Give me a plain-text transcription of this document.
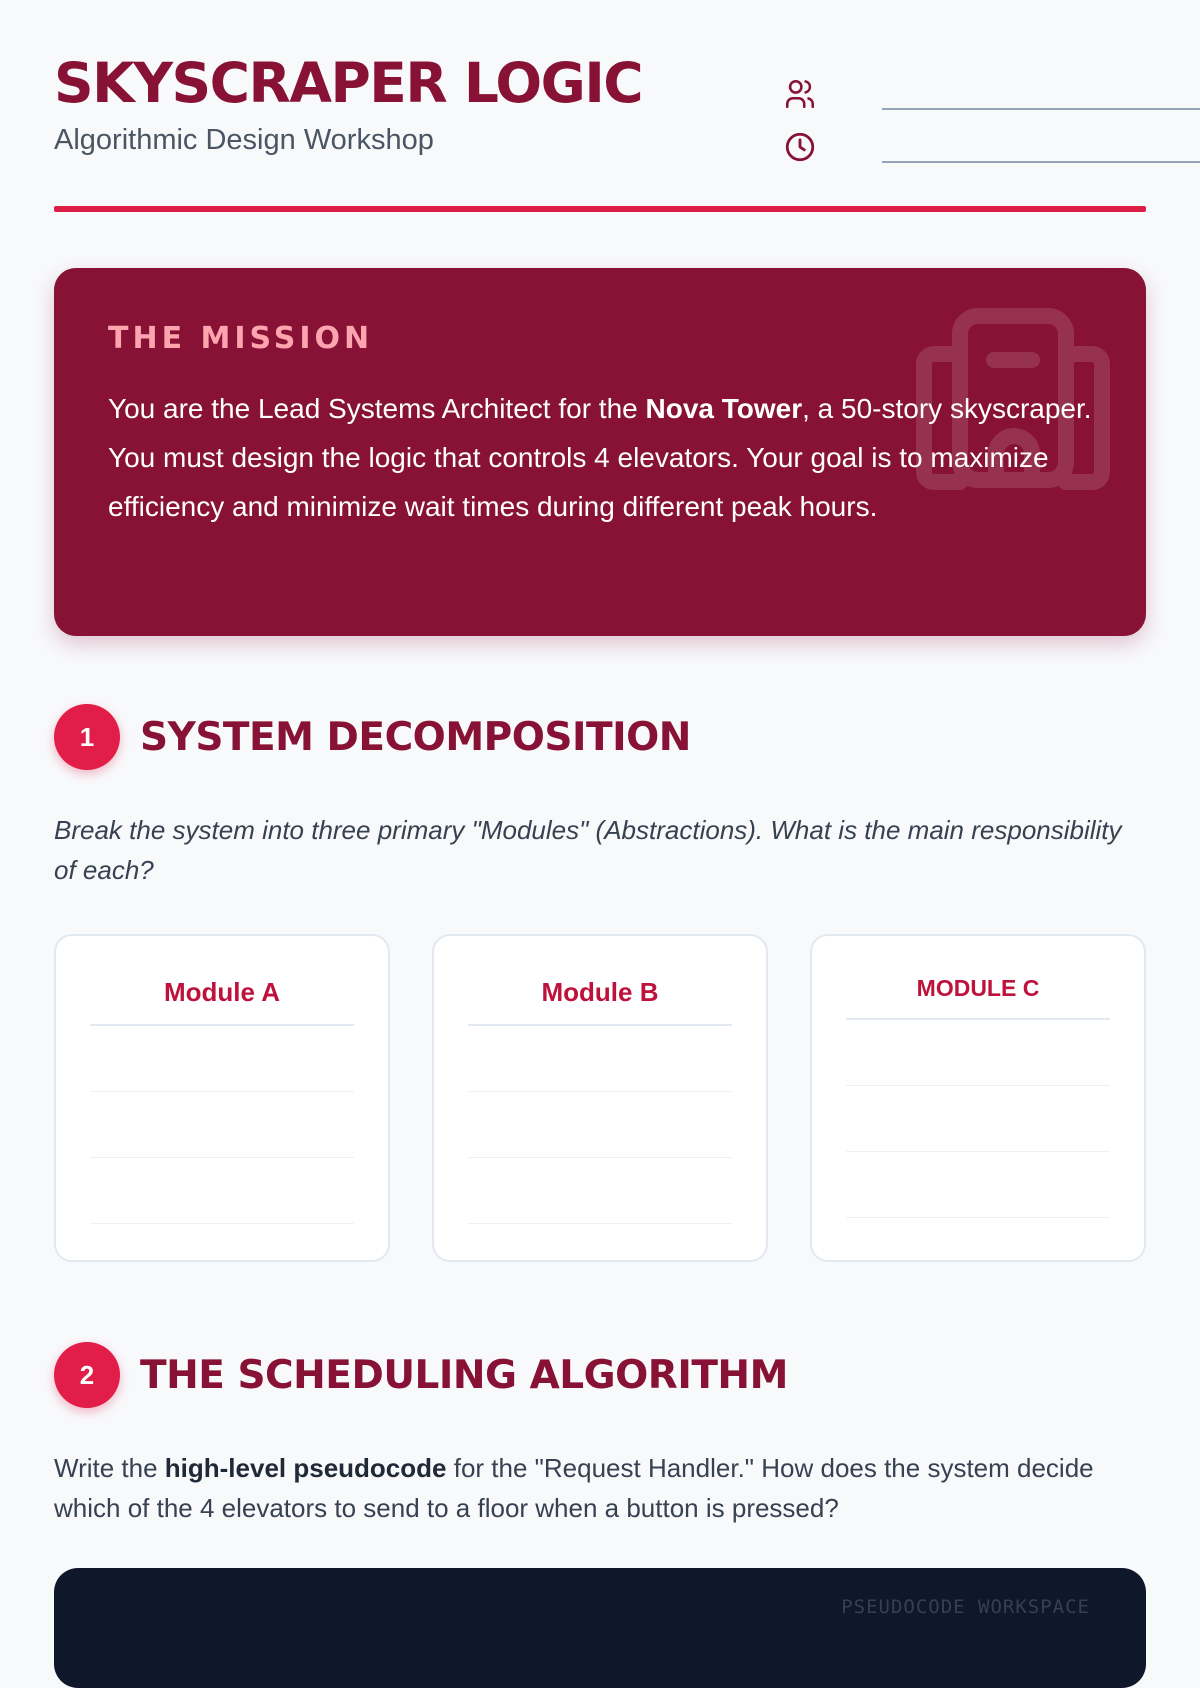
SKYSCRAPER LOGIC
Algorithmic Design Workshop
THE MISSION

You are the Lead Systems Architect for the Nova Tower, a 50-story skyscraper. You must design the logic that controls 4 elevators. Your goal is to maximize efficiency and minimize wait times during different peak hours.

1	SYSTEM DECOMPOSITION

Break the system into three primary "Modules" (Abstractions). What is the main responsibility of each?

Module A	Module B	MODULE C
2	THE SCHEDULING ALGORITHM

Write the high-level pseudocode for the "Request Handler." How does the system decide which of the 4 elevators to send to a floor when a button is pressed?

PSEUDOCODE WORKSPACE
